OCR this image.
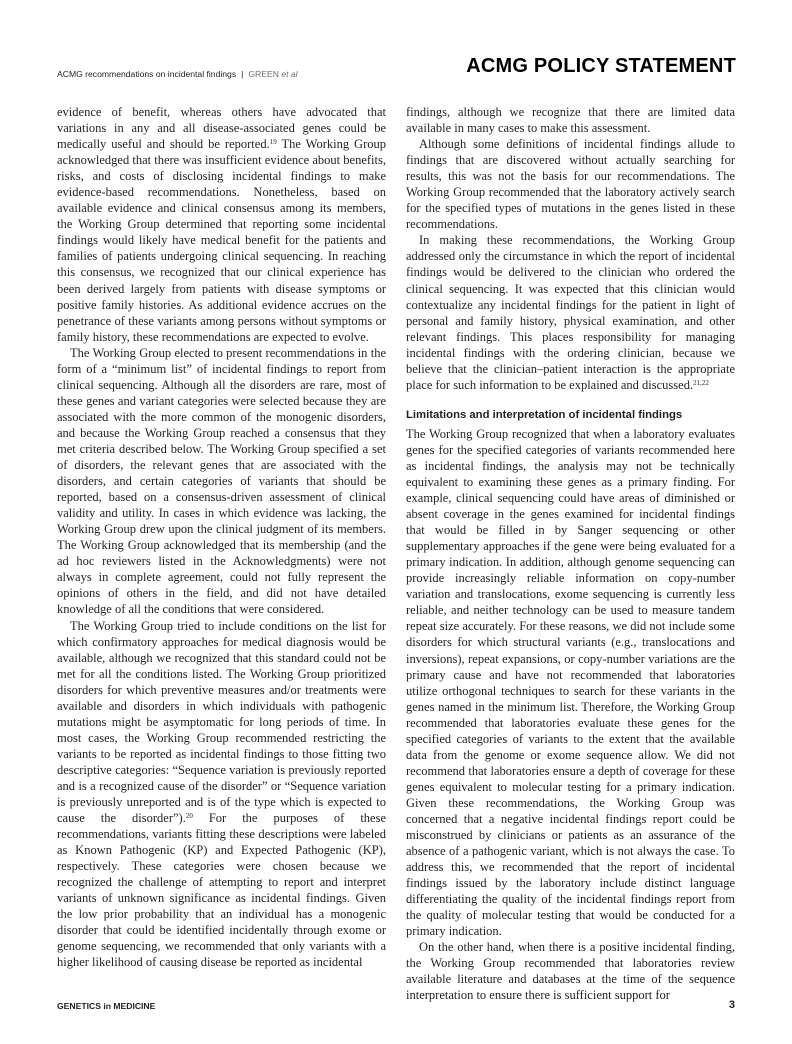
ACMG recommendations on incidental findings | GREEN et al	ACMG POLICY STATEMENT

evidence of benefit, whereas others have advocated that variations in any and all disease-associated genes could be medically useful and should be reported.$^{19}$ The Working Group acknowledged that there was insufficient evidence about benefits, risks, and costs of disclosing incidental findings to make evidence-based recommendations. Nonetheless, based on available evidence and clinical consensus among its members, the Working Group determined that reporting some incidental findings would likely have medical benefit for the patients and families of patients undergoing clinical sequencing. In reaching this consensus, we recognized that our clinical experience has been derived largely from patients with disease symptoms or positive family histories. As additional evidence accrues on the penetrance of these variants among persons without symptoms or family history, these recommendations are expected to evolve.

The Working Group elected to present recommendations in the form of a “minimum list” of incidental findings to report from clinical sequencing. Although all the disorders are rare, most of these genes and variant categories were selected because they are associated with the more common of the monogenic disorders, and because the Working Group reached a consensus that they met criteria described below. The Working Group specified a set of disorders, the relevant genes that are associated with the disorders, and certain categories of variants that should be reported, based on a consensus-driven assessment of clinical validity and utility. In cases in which evidence was lacking, the Working Group drew upon the clinical judgment of its members. The Working Group acknowledged that its membership (and the ad hoc reviewers listed in the Acknowledgments) were not always in complete agreement, could not fully represent the opinions of others in the field, and did not have detailed knowledge of all the conditions that were considered.

The Working Group tried to include conditions on the list for which confirmatory approaches for medical diagnosis would be available, although we recognized that this standard could not be met for all the conditions listed. The Working Group prioritized disorders for which preventive measures and/or treatments were available and disorders in which individuals with pathogenic mutations might be asymptomatic for long periods of time. In most cases, the Working Group recommended restricting the variants to be reported as incidental findings to those fitting two descriptive categories: “Sequence variation is previously reported and is a recognized cause of the disorder” or “Sequence variation is previously unreported and is of the type which is expected to cause the disorder”).$^{20}$ For the purposes of these recommendations, variants fitting these descriptions were labeled as Known Pathogenic (KP) and Expected Pathogenic (KP), respectively. These categories were chosen because we recognized the challenge of attempting to report and interpret variants of unknown significance as incidental findings. Given the low prior probability that an individual has a monogenic disorder that could be identified incidentally through exome or genome sequencing, we recommended that only variants with a higher likelihood of causing disease be reported as incidental

findings, although we recognize that there are limited data available in many cases to make this assessment.

Although some definitions of incidental findings allude to findings that are discovered without actually searching for results, this was not the basis for our recommendations. The Working Group recommended that the laboratory actively search for the specified types of mutations in the genes listed in these recommendations.

In making these recommendations, the Working Group addressed only the circumstance in which the report of incidental findings would be delivered to the clinician who ordered the clinical sequencing. It was expected that this clinician would contextualize any incidental findings for the patient in light of personal and family history, physical examination, and other relevant findings. This places responsibility for managing incidental findings with the ordering clinician, because we believe that the clinician–patient interaction is the appropriate place for such information to be explained and discussed.$^{21,22}$

Limitations and interpretation of incidental findings

The Working Group recognized that when a laboratory evaluates genes for the specified categories of variants recommended here as incidental findings, the analysis may not be technically equivalent to examining these genes as a primary finding. For example, clinical sequencing could have areas of diminished or absent coverage in the genes examined for incidental findings that would be filled in by Sanger sequencing or other supplementary approaches if the gene were being evaluated for a primary indication. In addition, although genome sequencing can provide increasingly reliable information on copy-number variation and translocations, exome sequencing is currently less reliable, and neither technology can be used to measure tandem repeat size accurately. For these reasons, we did not include some disorders for which structural variants (e.g., translocations and inversions), repeat expansions, or copy-number variations are the primary cause and have not recommended that laboratories utilize orthogonal techniques to search for these variants in the genes named in the minimum list. Therefore, the Working Group recommended that laboratories evaluate these genes for the specified categories of variants to the extent that the available data from the genome or exome sequence allow. We did not recommend that laboratories ensure a depth of coverage for these genes equivalent to molecular testing for a primary indication. Given these recommendations, the Working Group was concerned that a negative incidental findings report could be misconstrued by clinicians or patients as an assurance of the absence of a pathogenic variant, which is not always the case. To address this, we recommended that the report of incidental findings issued by the laboratory include distinct language differentiating the quality of the incidental findings report from the quality of molecular testing that would be conducted for a primary indication.

On the other hand, when there is a positive incidental finding, the Working Group recommended that laboratories review available literature and databases at the time of the sequence interpretation to ensure there is sufficient support for

GENETICS in MEDICINE	3
